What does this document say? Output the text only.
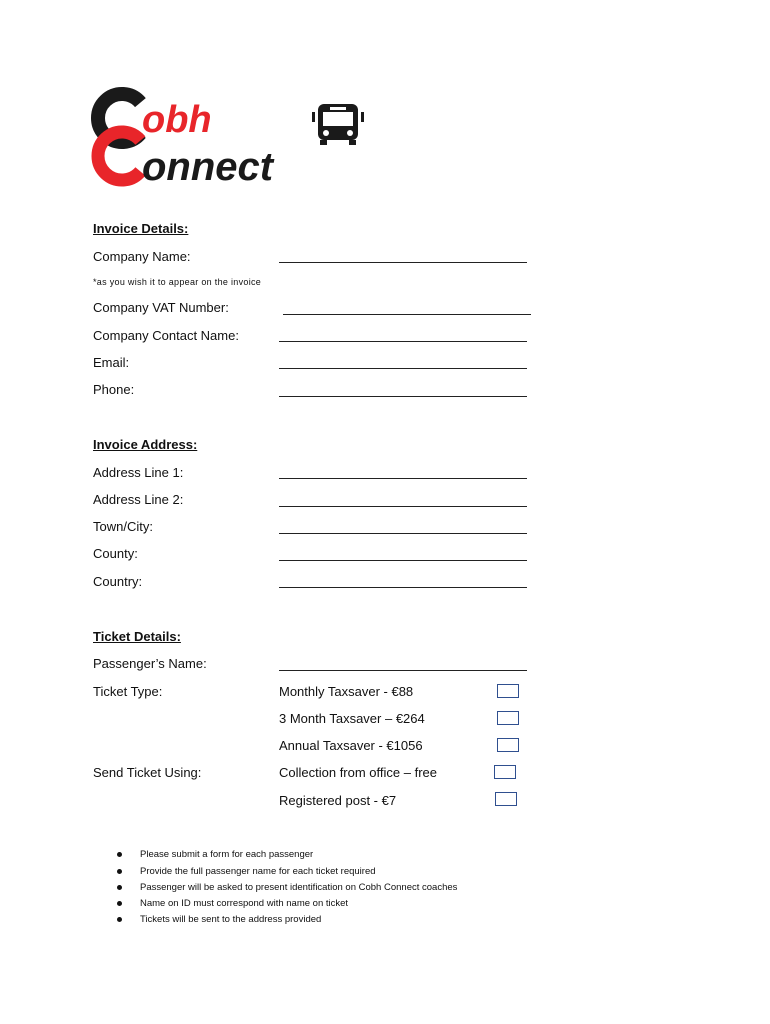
obh
onnect
Invoice Details:
Company Name:
*as you wish it to appear on the invoice
Company VAT Number:
Company Contact Name:
Email:
Phone:
Invoice Address:
Address Line 1:
Address Line 2:
Town/City:
County:
Country:
Ticket Details:
Passenger’s Name:
Ticket Type:	Monthly Taxsaver - €88
3 Month Taxsaver – €264
Annual Taxsaver - €1056
Send Ticket Using:	Collection from office – free
Registered post - €7
Please submit a form for each passenger
Provide the full passenger name for each ticket required
Passenger will be asked to present identification on Cobh Connect coaches
Name on ID must correspond with name on ticket
Tickets will be sent to the address provided
